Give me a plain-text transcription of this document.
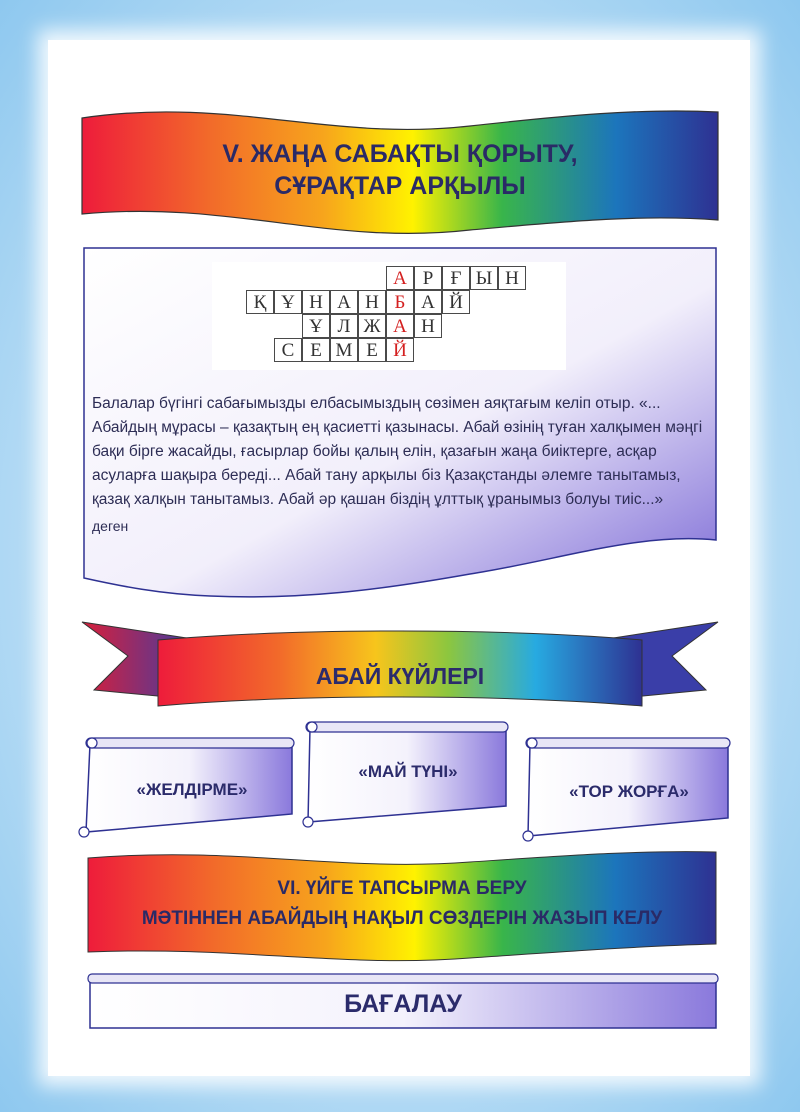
V. ЖАҢА САБАҚТЫ ҚОРЫТУ,
СҰРАҚТАР АРҚЫЛЫ
А Р Ғ Ы Н
Қ Ұ Н А Н Б А Й
Ұ Л Ж А Н
С Е М Е Й
Балалар бүгінгі сабағымызды елбасымыздың сөзімен аяқтағым келіп отыр. «... Абайдың мұрасы – қазақтың ең қасиетті қазынасы. Абай өзінің туған халқымен мәңгі бақи бірге жасайды, ғасырлар бойы қалың елін, қазағын жаңа биіктерге, асқар асуларға шақыра береді... Абай тану арқылы біз Қазақстанды әлемге танытамыз, қазақ халқын танытамыз. Абай әр қашан біздің ұлттық ұранымыз болуы тиіс...»
деген
АБАЙ КҮЙЛЕРІ
«ЖЕЛДІРМЕ»
«МАЙ ТҮНІ»
«ТОР ЖОРҒА»
VI. ҮЙГЕ ТАПСЫРМА БЕРУ
МӘТІННЕН АБАЙДЫҢ НАҚЫЛ СӨЗДЕРІН ЖАЗЫП КЕЛУ
БАҒАЛАУ
